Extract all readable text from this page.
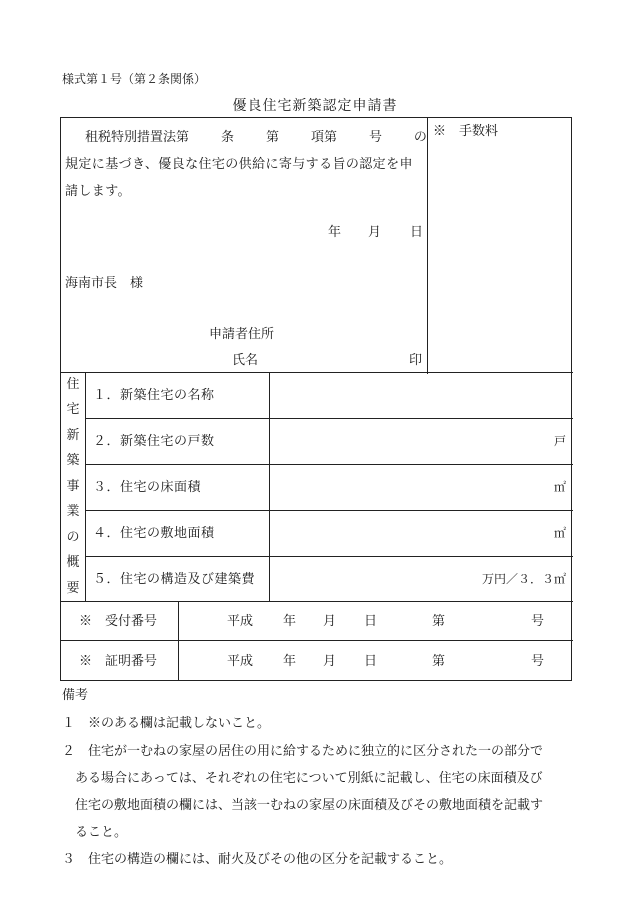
様式第１号（第２条関係）
優良住宅新築認定申請書
租税特別措置法第 条 第 項第 号 の
規定に基づき、優良な住宅の供給に寄与する旨の認定を申
請します。
年 月 日
海南市長　様
申請者住所
氏名	印
※　手数料
住
宅
新
築
事
業
の
概
要
１．新築住宅の名称
２．新築住宅の戸数	戸
３．住宅の床面積	㎡
４．住宅の敷地面積	㎡
５．住宅の構造及び建築費	万円／３．３㎡
※　受付番号	平成 年 月 日	第	号
※　証明番号	平成 年 月 日	第	号
備考
１　※のある欄は記載しないこと。
２　住宅が一むねの家屋の居住の用に給するために独立的に区分された一の部分で
ある場合にあっては、それぞれの住宅について別紙に記載し、住宅の床面積及び
住宅の敷地面積の欄には、当該一むねの家屋の床面積及びその敷地面積を記載す
ること。
３　住宅の構造の欄には、耐火及びその他の区分を記載すること。
